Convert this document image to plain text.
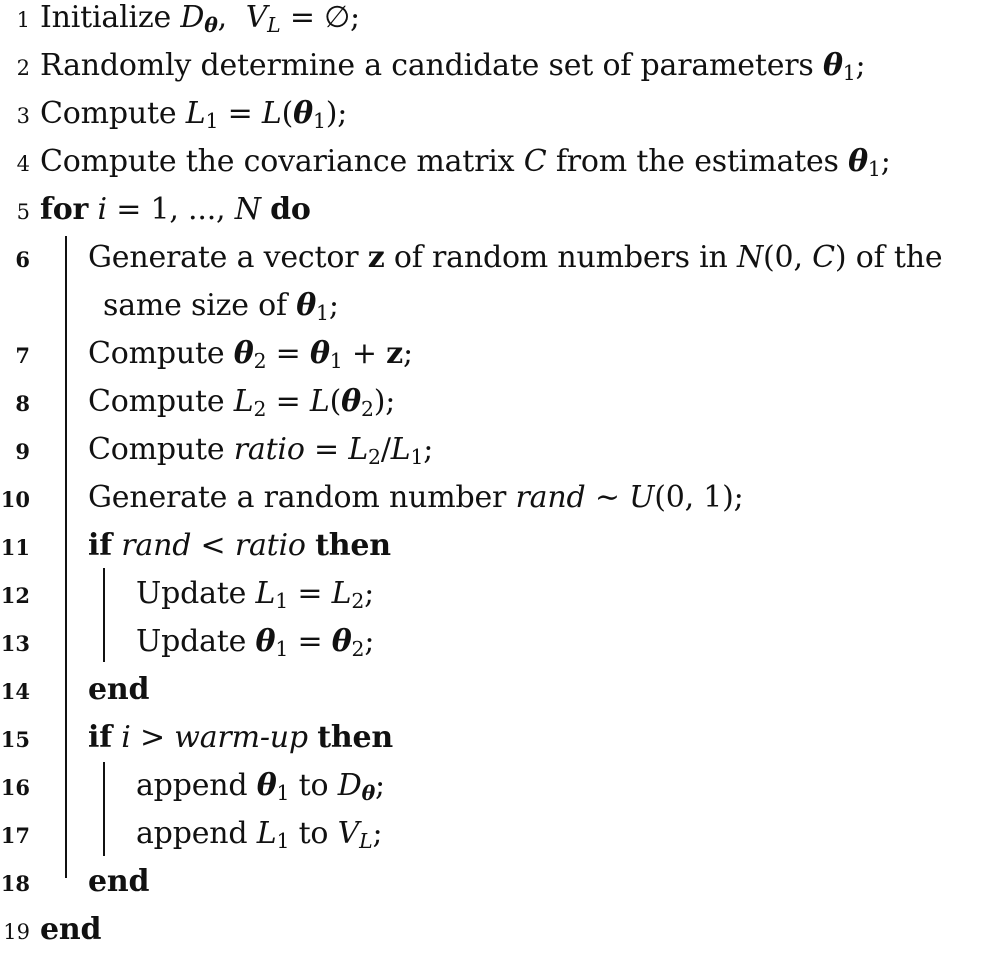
1 Initialize $D_\theta$,  $V_L$ = ∅;
2 Randomly determine a candidate set of parameters $\theta_1$;
3 Compute $L_1 = L(\theta_1)$;
4 Compute the covariance matrix C from the estimates $\theta_1$;
5 for i = 1, ..., N do
6 Generate a vector z of random numbers in N(0, C) of the
same size of $\theta_1$;
7 Compute $\theta_2 = \theta_1 + z$;
8 Compute $L_2 = L(\theta_2)$;
9 Compute ratio = $L_2/L_1$;
10 Generate a random number rand ∼ U(0, 1);
11 if rand < ratio then
12	Update $L_1 = L_2$;
13	Update $\theta_1 = \theta_2$;
14 end
15 if i > warm-up then
16	append $\theta_1$ to $D_\theta$;
17	append $L_1$ to $V_L$;
18 end
19 end
